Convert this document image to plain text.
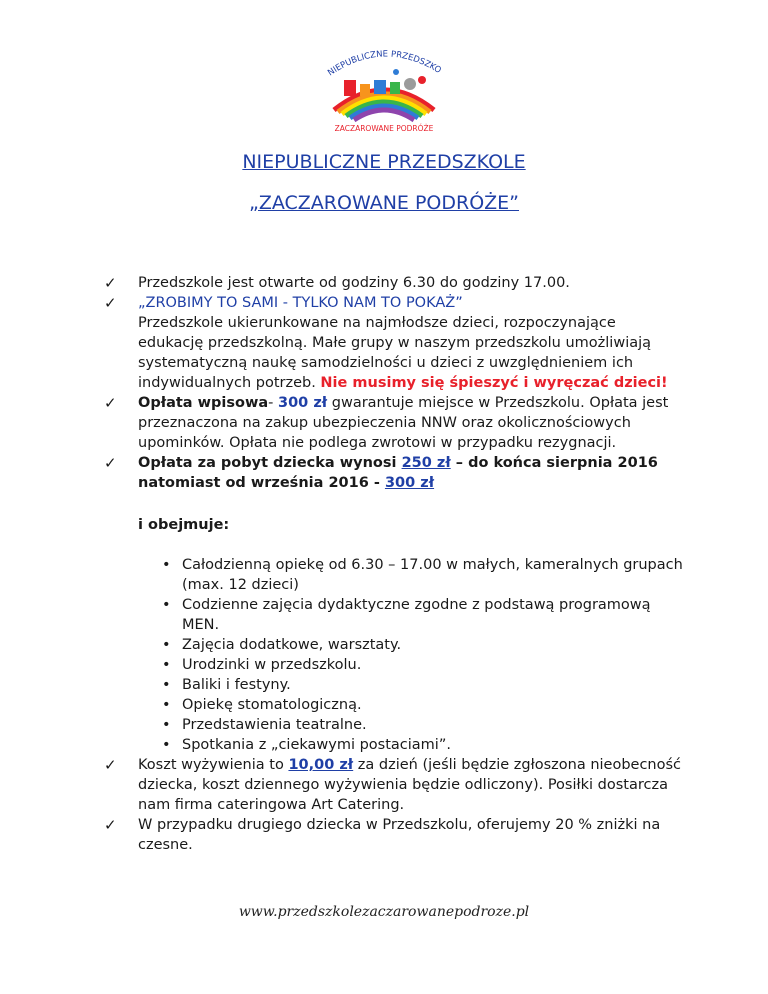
NIEPUBLICZNE PRZEDSZKO
ZACZAROWANE PODRÓŻE
NIEPUBLICZNE PRZEDSZKOLE
„ZACZAROWANE PODRÓŻE”
✓ Przedszkole jest otwarte od godziny 6.30 do godziny 17.00.
✓ „ZROBIMY TO SAMI - TYLKO NAM TO POKAŻ”
Przedszkole ukierunkowane na najmłodsze dzieci, rozpoczynające edukację przedszkolną. Małe grupy w naszym przedszkolu umożliwiają systematyczną naukę samodzielności u dzieci z uwzględnieniem ich indywidualnych potrzeb. Nie musimy się śpieszyć i wyręczać dzieci!
✓ Opłata wpisowa- 300 zł gwarantuje miejsce w Przedszkolu. Opłata jest przeznaczona na zakup ubezpieczenia NNW oraz okolicznościowych upominków. Opłata nie podlega zwrotowi w przypadku rezygnacji.
✓ Opłata za pobyt dziecka wynosi 250 zł – do końca sierpnia 2016 natomiast od września 2016 - 300 zł
i obejmuje:
• Całodzienną opiekę od 6.30 – 17.00 w małych, kameralnych grupach (max. 12 dzieci)
• Codzienne zajęcia dydaktyczne zgodne z podstawą programową MEN.
• Zajęcia dodatkowe, warsztaty.
• Urodzinki w przedszkolu.
• Baliki i festyny.
• Opiekę stomatologiczną.
• Przedstawienia teatralne.
• Spotkania z „ciekawymi postaciami”.
✓ Koszt wyżywienia to 10,00 zł za dzień (jeśli będzie zgłoszona nieobecność dziecka, koszt dziennego wyżywienia będzie odliczony). Posiłki dostarcza nam firma cateringowa Art Catering.
✓ W przypadku drugiego dziecka w Przedszkolu, oferujemy 20 % zniżki na czesne.
www.przedszkolezaczarowanepodroze.pl
